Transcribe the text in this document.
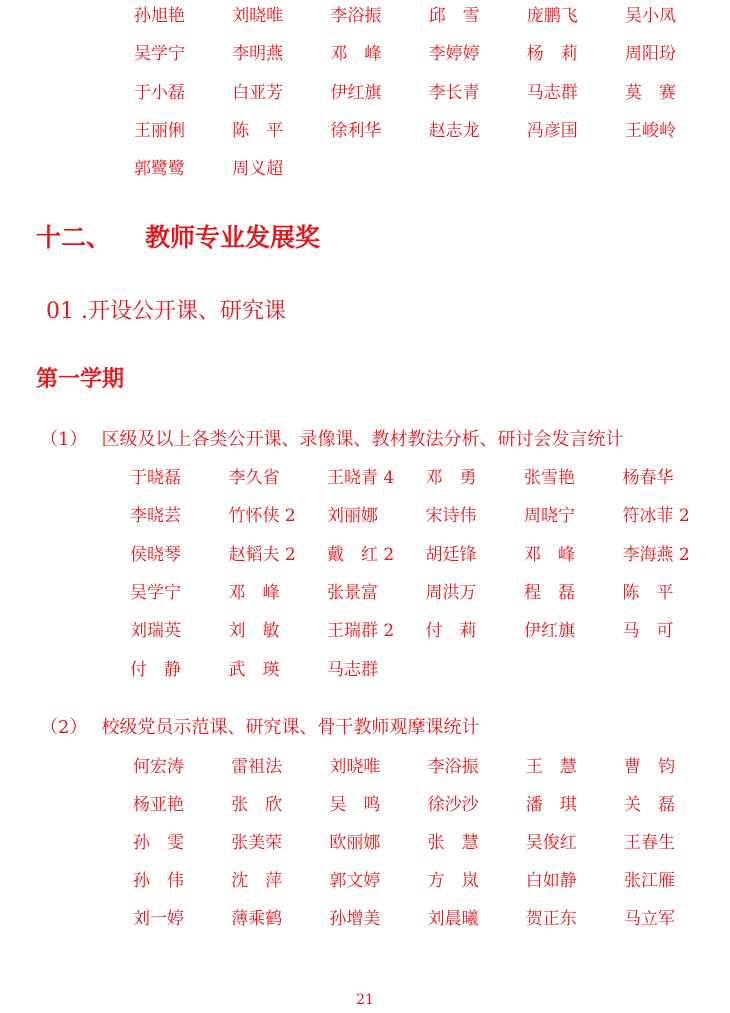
孙旭艳	刘晓唯	李浴振	邱　雪	庞鹏飞	吴小凤
吴学宁	李明燕	邓　峰	李婷婷	杨　莉	周阳玢
于小磊	白亚芳	伊红旗	李长青	马志群	莫　赛
王丽俐	陈　平	徐利华	赵志龙	冯彦国	王峻岭
郭鹭鹭	周义超
十二、 教师专业发展奖
01 .开设公开课、研究课
第一学期
（1） 区级及以上各类公开课、录像课、教材教法分析、研讨会发言统计
于晓磊	李久省	王晓青 4 邓　勇	张雪艳	杨春华
李晓芸	竹怀侠 2 刘丽娜	宋诗伟	周晓宁	符冰菲 2
侯晓琴	赵韬夫 2 戴　红 2 胡廷锋	邓　峰	李海燕 2
吴学宁	邓　峰	张景富	周洪万	程　磊	陈　平
刘瑞英	刘　敏	王瑞群 2 付　莉	伊红旗	马　可
付　静	武　瑛	马志群
（2） 校级党员示范课、研究课、骨干教师观摩课统计
何宏涛	雷祖法	刘晓唯	李浴振	王　慧	曹　钧
杨亚艳	张　欣	吴　鸣	徐沙沙	潘　琪	关　磊
孙　雯	张美荣	欧丽娜	张　慧	吴俊红	王春生
孙　伟	沈　萍	郭文婷	方　岚	白如静	张江雁
刘一婷	薄乘鹤	孙增美	刘晨曦	贺正东	马立军
21
